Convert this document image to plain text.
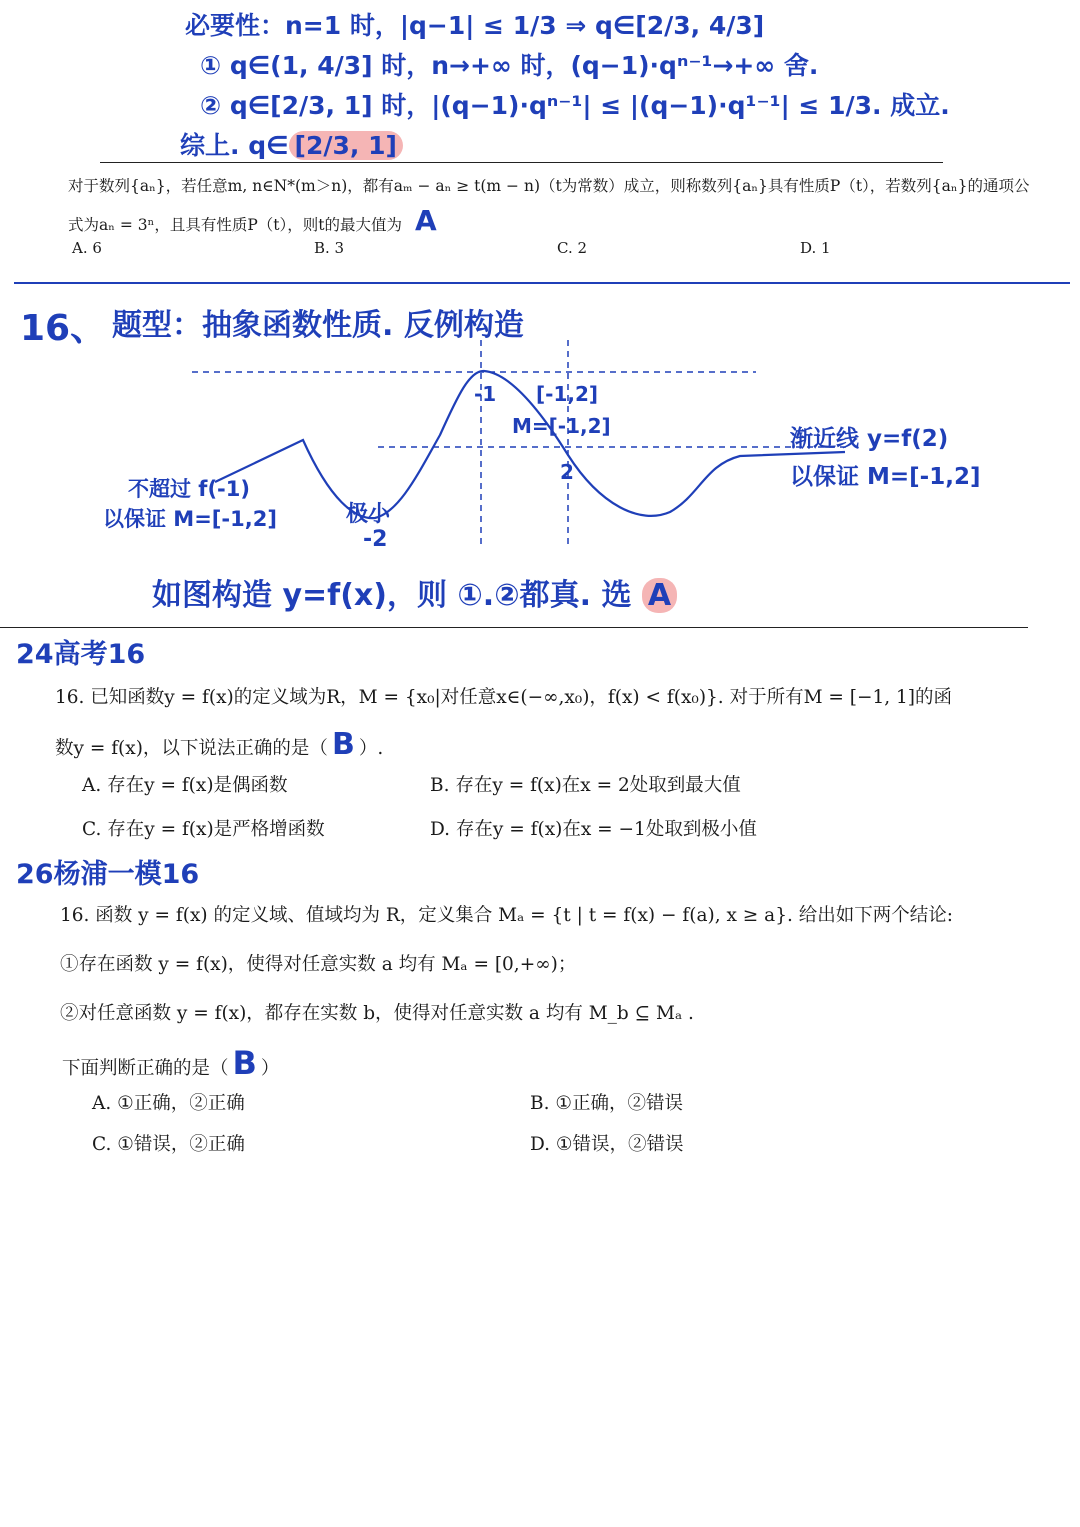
必要性：n=1 时，|q−1| ≤ 1/3 ⇒ q∈[2/3, 4/3]
① q∈(1, 4/3] 时，n→+∞ 时，(q−1)·qⁿ⁻¹→+∞ 舍.
② q∈[2/3, 1] 时，|(q−1)·qⁿ⁻¹| ≤ |(q−1)·q¹⁻¹| ≤ 1/3. 成立.
综上. q∈ [2/3, 1]
对于数列{aₙ}，若任意m, n∈N*(m＞n)，都有aₘ − aₙ ≥ t(m − n)（t为常数）成立，则称数列{aₙ}具有性质P（t），若数列{aₙ}的通项公
式为aₙ = 3ⁿ，且具有性质P（t），则t的最大值为 A
A. 6	B. 3	C. 2	D. 1
16、 题型：抽象函数性质. 反例构造
-1 [-1,2]
M=[-1,2]
2
渐近线 y=f(2)
以保证 M=[-1,2]
不超过 f(-1)
以保证 M=[-1,2]	极小
-2
如图构造 y=f(x)，则 ①.②都真. 选 A
24高考16
16. 已知函数y = f(x)的定义域为R，M = {x₀|对任意x∈(−∞,x₀)，f(x) < f(x₀)}. 对于所有M = [−1, 1]的函
数y = f(x)，以下说法正确的是（ B ）.
A. 存在y = f(x)是偶函数	B. 存在y = f(x)在x = 2处取到最大值
C. 存在y = f(x)是严格增函数	D. 存在y = f(x)在x = −1处取到极小值
26杨浦一模16
16. 函数 y = f(x) 的定义域、值域均为 R，定义集合 Mₐ = {t | t = f(x) − f(a), x ≥ a}. 给出如下两个结论:
①存在函数 y = f(x)，使得对任意实数 a 均有 Mₐ = [0,+∞)；
②对任意函数 y = f(x)，都存在实数 b，使得对任意实数 a 均有 M_b ⊆ Mₐ .
下面判断正确的是（ B ）
A. ①正确，②正确	B. ①正确，②错误
C. ①错误，②正确	D. ①错误，②错误
